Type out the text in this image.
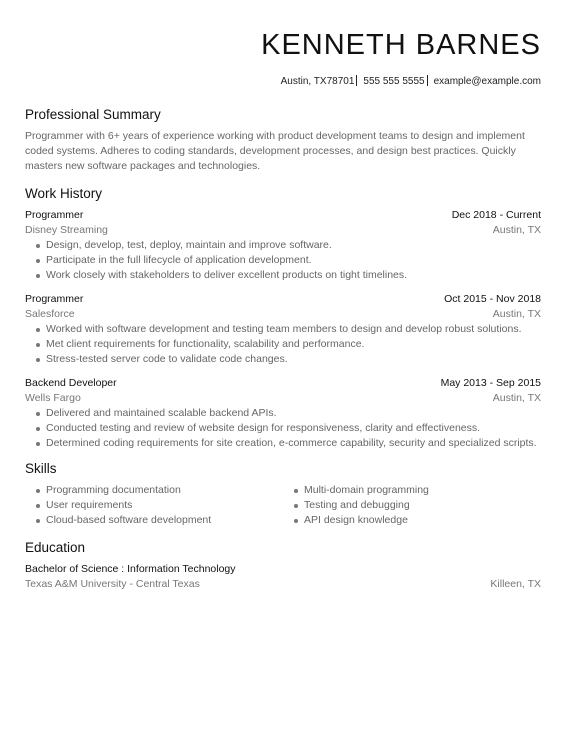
KENNETH BARNES
Austin, TX78701 555 555 5555 example@example.com
Professional Summary

Programmer with 6+ years of experience working with product development teams to design and implement coded systems. Adheres to coding standards, development processes, and design best practices. Quickly masters new software packages and technologies.

Work History
Programmer	Dec 2018 - Current
Disney Streaming	Austin, TX
Design, develop, test, deploy, maintain and improve software.
Participate in the full lifecycle of application development.
Work closely with stakeholders to deliver excellent products on tight timelines.
Programmer	Oct 2015 - Nov 2018
Salesforce	Austin, TX
Worked with software development and testing team members to design and develop robust solutions.
Met client requirements for functionality, scalability and performance.
Stress-tested server code to validate code changes.
Backend Developer	May 2013 - Sep 2015
Wells Fargo	Austin, TX
Delivered and maintained scalable backend APIs.
Conducted testing and review of website design for responsiveness, clarity and effectiveness.
Determined coding requirements for site creation, e-commerce capability, security and specialized scripts.
Skills
Programming documentation
User requirements
Cloud-based software development
Multi-domain programming
Testing and debugging
API design knowledge
Education
Bachelor of Science : Information Technology
Texas A&M University - Central Texas	Killeen, TX
